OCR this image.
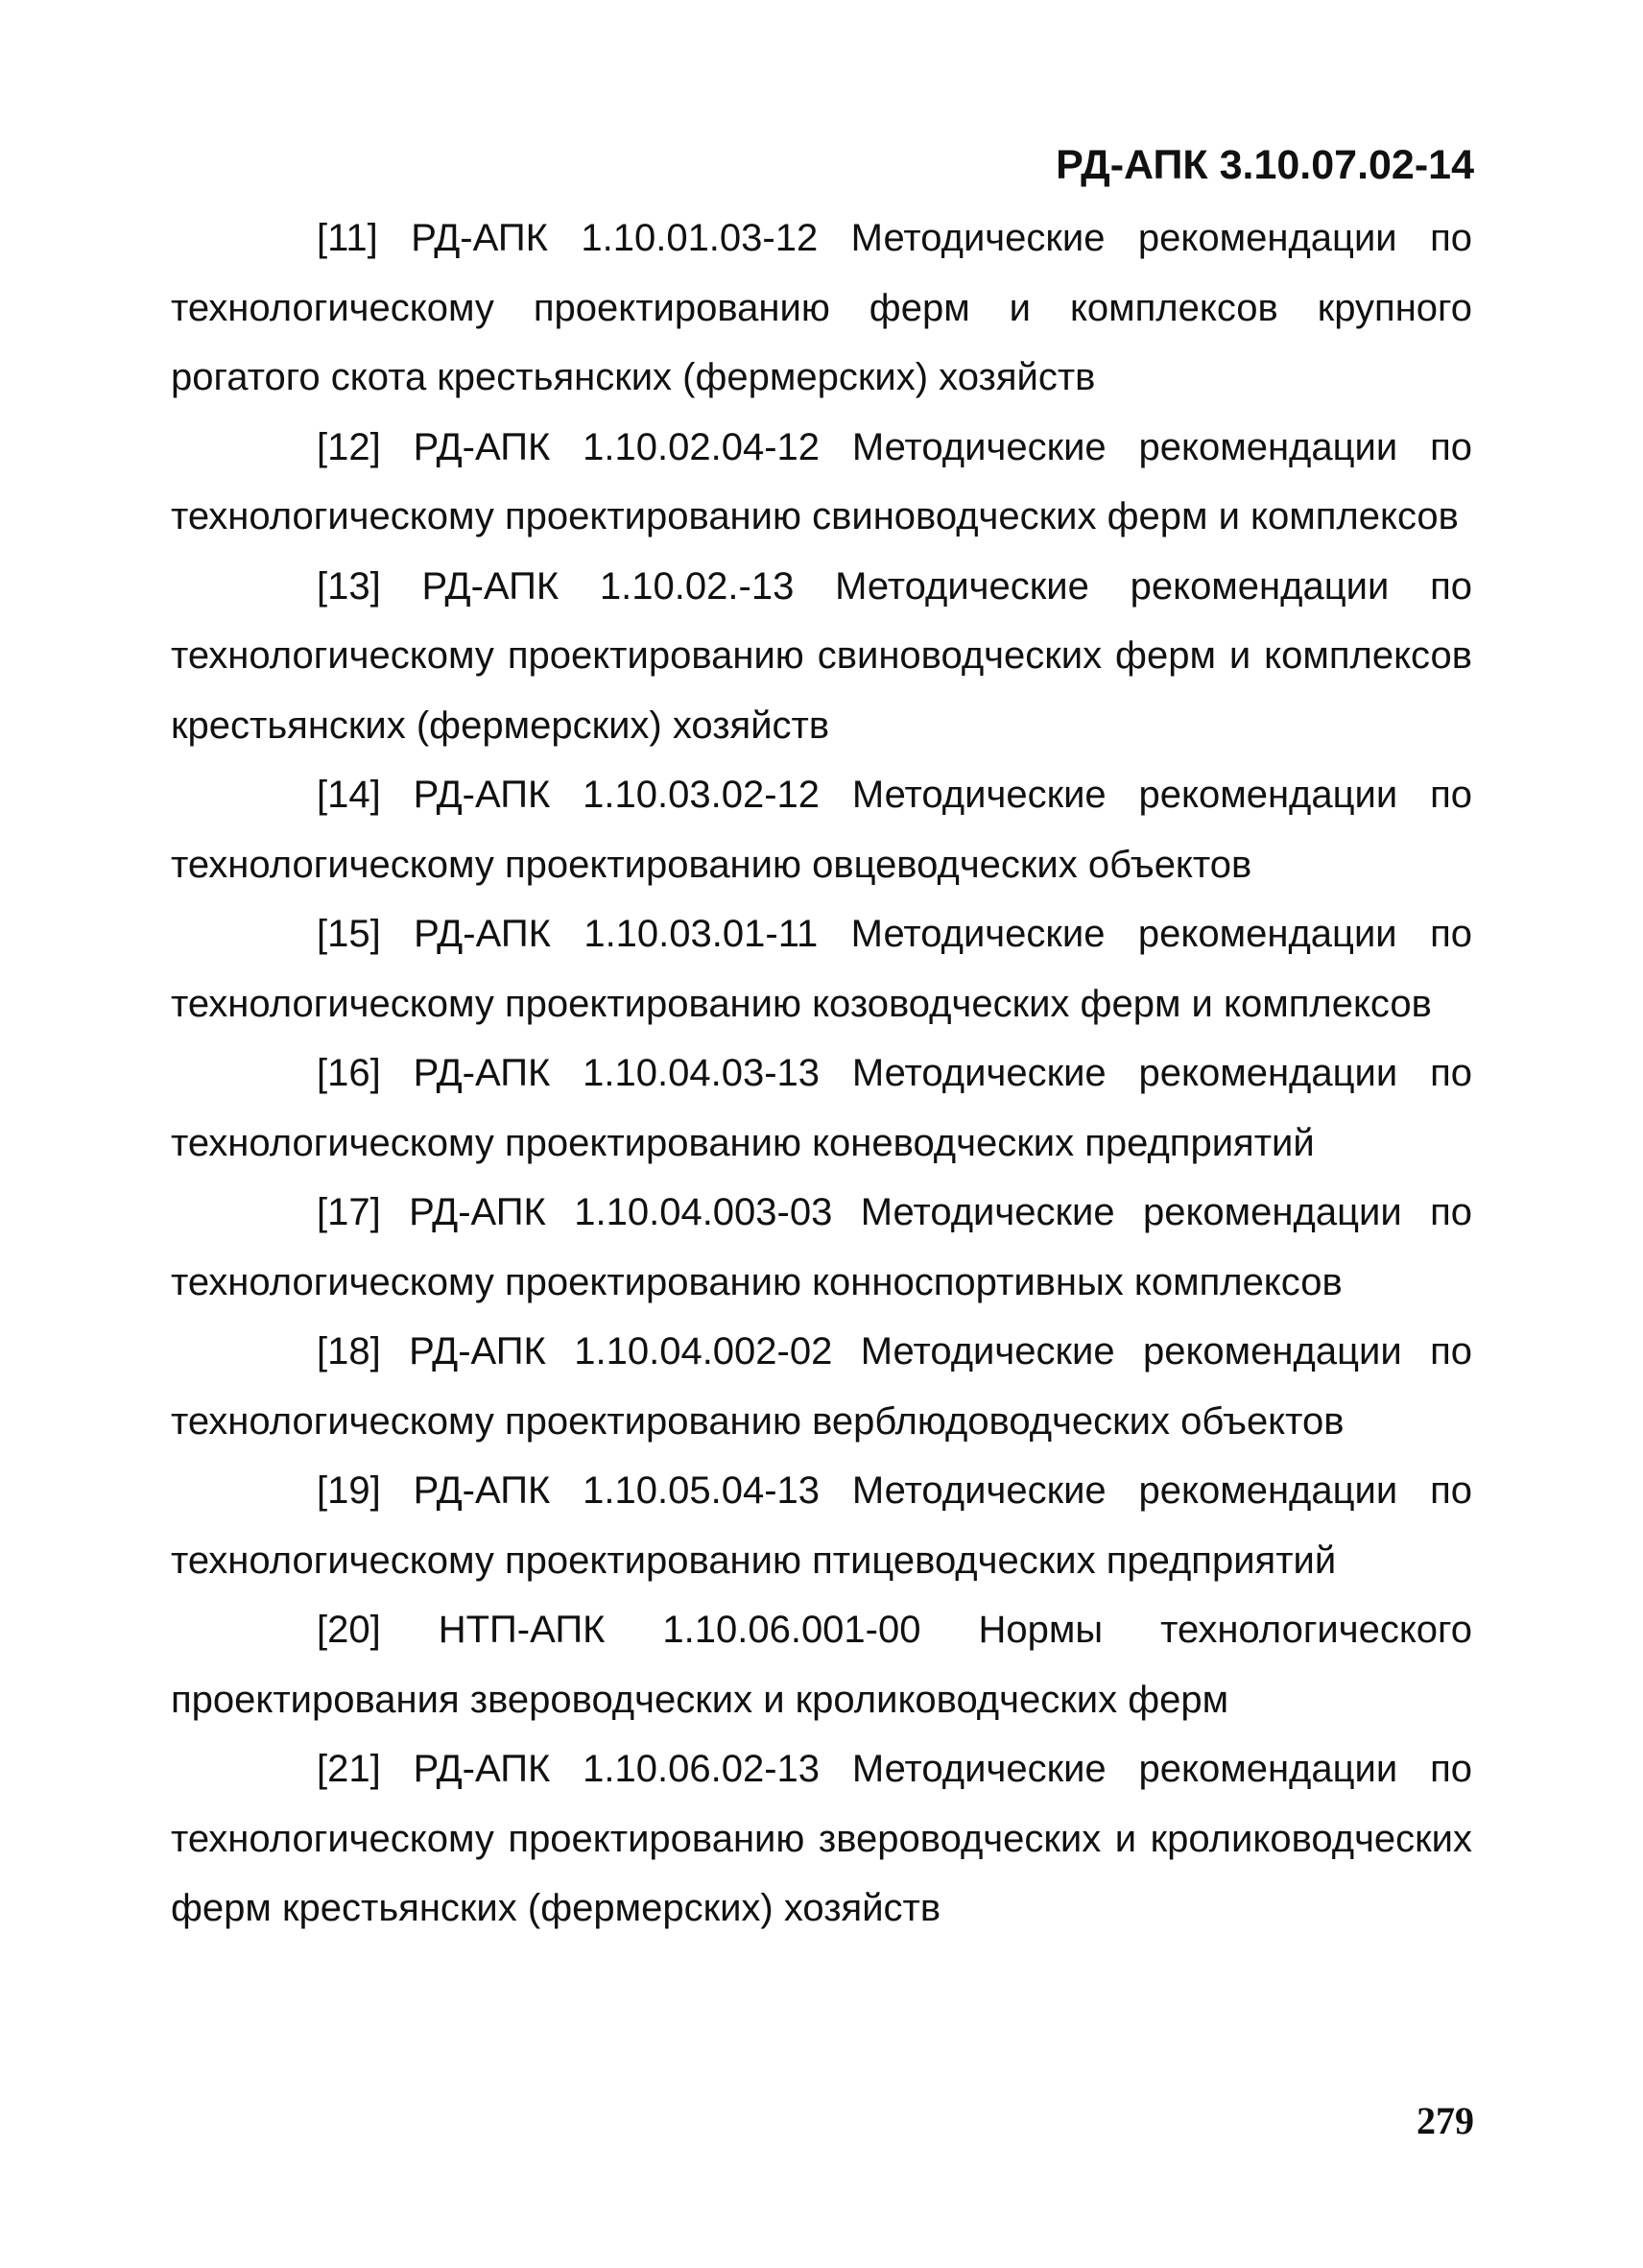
РД-АПК 3.10.07.02-14

[11] РД-АПК 1.10.01.03-12 Методические рекомендации по технологическому проектированию ферм и комплексов крупного рогатого скота крестьянских (фермерских) хозяйств

[12] РД-АПК 1.10.02.04-12 Методические рекомендации по технологическому проектированию свиноводческих ферм и комплексов

[13] РД-АПК 1.10.02.-13 Методические рекомендации по технологическому проектированию свиноводческих ферм и комплексов крестьянских (фермерских) хозяйств

[14] РД-АПК 1.10.03.02-12 Методические рекомендации по технологическому проектированию овцеводческих объектов

[15] РД-АПК 1.10.03.01-11 Методические рекомендации по технологическому проектированию козоводческих ферм и комплексов

[16] РД-АПК 1.10.04.03-13 Методические рекомендации по технологическому проектированию коневодческих предприятий

[17] РД-АПК 1.10.04.003-03 Методические рекомендации по технологическому проектированию конноспортивных комплексов

[18] РД-АПК 1.10.04.002-02 Методические рекомендации по технологическому проектированию верблюдоводческих объектов

[19] РД-АПК 1.10.05.04-13 Методические рекомендации по технологическому проектированию птицеводческих предприятий

[20] НТП-АПК 1.10.06.001-00 Нормы технологического проектирования звероводческих и кролиководческих ферм

[21] РД-АПК 1.10.06.02-13 Методические рекомендации по технологическому проектированию звероводческих и кролиководческих ферм крестьянских (фермерских) хозяйств

279
